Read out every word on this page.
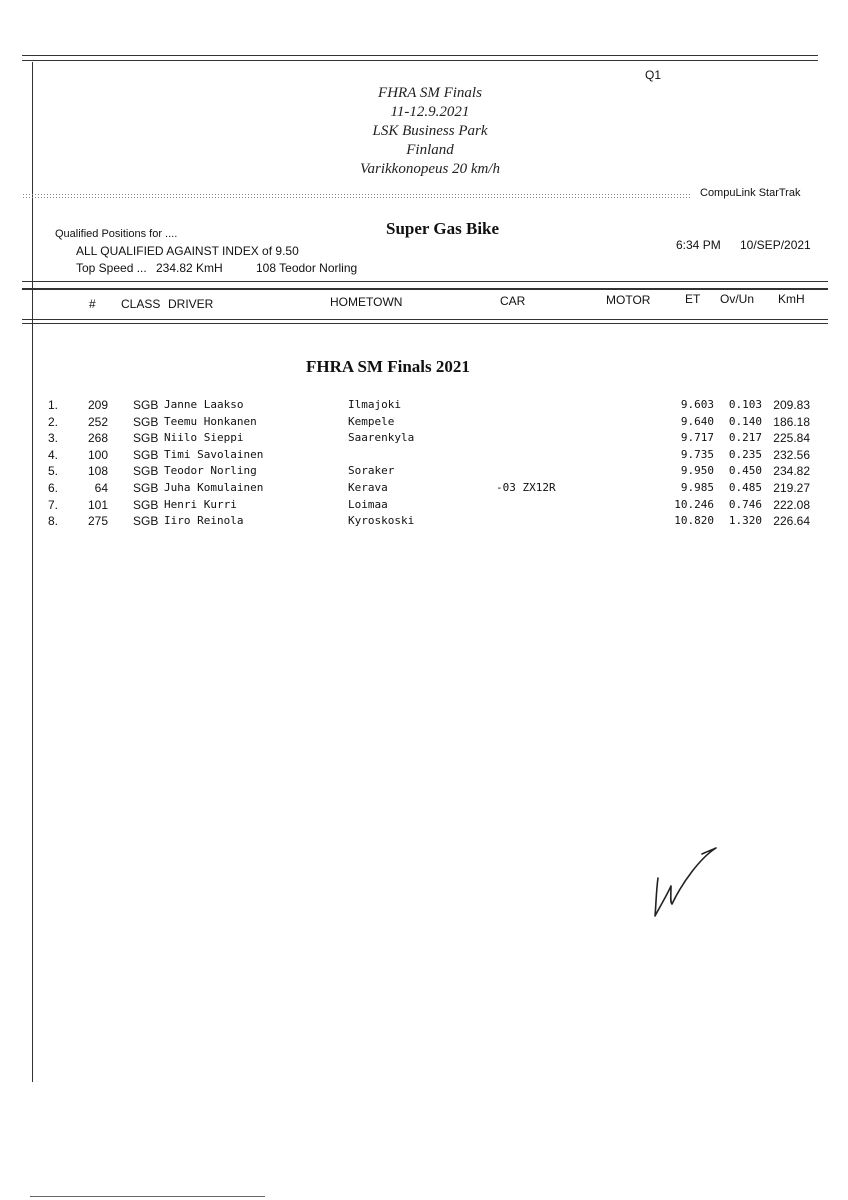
Q1
FHRA SM Finals
11-12.9.2021
LSK Business Park
Finland
Varikkonopeus 20 km/h
CompuLink StarTrak
Qualified Positions for ....	Super Gas Bike
ALL QUALIFIED AGAINST INDEX of 9.50	6:34 PM 10/SEP/2021
Top Speed ... 234.82 KmH	108 Teodor Norling
# CLASS DRIVER	HOMETOWN	CAR	MOTOR	ET Ov/Un KmH
FHRA SM Finals 2021
1.	209 SGB Janne Laakso	Ilmajoki	9.603	0.103 209.83
2.	252 SGB Teemu Honkanen	Kempele	9.640	0.140 186.18
3.	268 SGB Niilo Sieppi	Saarenkyla	9.717	0.217 225.84
4.	100 SGB Timi Savolainen	9.735	0.235 232.56
5.	108 SGB Teodor Norling	Soraker	9.950	0.450 234.82
6.	64 SGB Juha Komulainen	Kerava	-03 ZX12R	9.985	0.485 219.27
7.	101 SGB Henri Kurri	Loimaa	10.246	0.746 222.08
8.	275 SGB Iiro Reinola	Kyroskoski	10.820	1.320 226.64
